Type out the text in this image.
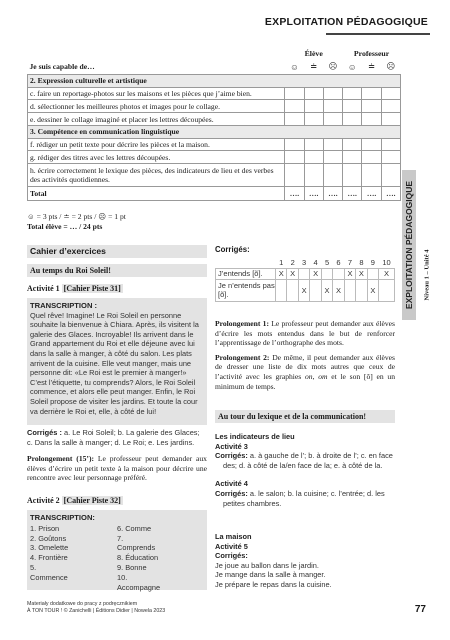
EXPLOITATION PÉDAGOGIQUE
	Élève			Professeur		
Je suis capable de…	☺	≐	☹	☺	≐	☹
2. Expression culturelle et artistique						
c. faire un reportage-photos sur les maisons et les pièces que j’aime bien.						
d. sélectionner les meilleures photos et images pour le collage.						
e. dessiner le collage imaginé et placer les lettres découpées.						
3. Compétence en communication linguistique						
f. rédiger un petit texte pour décrire les pièces et la maison.						
g. rédiger des titres avec les lettres découpées.						
h. écrire correctement le lexique des pièces, des indicateurs de lieu et des verbes des activités quotidiennes.						
Total	….	….	….	….	….	….
☺ = 3 pts / ≐ = 2 pts / ☹ = 1 pt
Total élève = … / 24 pts	EXPLOITATION PÉDAGOGIQUE Niveau 1 – Unité 4
Cahier d’exercices
Au temps du Roi Soleil!
Activité 1 [Cahier Piste 31]
TRANSCRIPTION :
Quel rêve! Imagine! Le Roi Soleil en personne souhaite la bienvenue à Chiara. Après, ils visitent la galerie des Glaces. Incroyable! Ils arrivent dans le Grand appartement du Roi et elle déjeune avec lui dans la salle à manger, à côté du salon. Les plats arrivent de la cuisine. Elle veut manger, mais une personne dit: «Le Roi est le premier à manger!» C’est l’étiquette, tu comprends? Alors, le Roi Soleil commence, et alors elle peut manger. Enfin, le Roi Soleil propose de visiter les jardins. Et toute la cour va derrière le Roi et, elle, à côté de lui!
Corrigés : a. Le Roi Soleil; b. La galerie des Glaces; c. Dans la salle à manger; d. Le Roi; e. Les jardins.
Prolongement (15’): Le professeur peut demander aux élèves d’écrire un petit texte à la maison pour décrire une rencontre avec leur personnage préféré.
Activité 2 [Cahier Piste 32]
TRANSCRIPTION:
1. Prison
2. Goûtons
3. Omelette
4. Frontière
5. Commence
6. Comme
7. Comprends
8. Éducation
9. Bonne
10. Accompagne
Corrigés:
	1	2	3	4	5	6	7	8	9	10
J’entends [õ].	X	X		X			X	X		X
Je n’entends pas [õ].			X		X	X			X	
Prolongement 1: Le professeur peut demander aux élèves d’écrire les mots entendus dans le but de renforcer l’apprentissage de l’orthographe des mots.
Prolongement 2: De même, il peut demander aux élèves de dresser une liste de dix mots autres que ceux de l’activité avec les graphies on, om et le son [õ] en un minimum de temps.
Au tour du lexique et de la communication!
Les indicateurs de lieu
Activité 3
Corrigés: a. à gauche de l’; b. à droite de l’; c. en face des; d. à côté de la/en face de la; e. à côté de la.
Activité 4
Corrigés: a. le salon; b. la cuisine; c. l’entrée; d. les petites chambres.
La maison
Activité 5
Corrigés:
Je joue au ballon dans le jardin.
Je mange dans la salle à manger.
Je prépare le repas dans la cuisine.
Materiały dodatkowe do pracy z podręcznikiem
À TON TOUR ! © Zanichelli | Éditions Didier | Nowela 2023	77
